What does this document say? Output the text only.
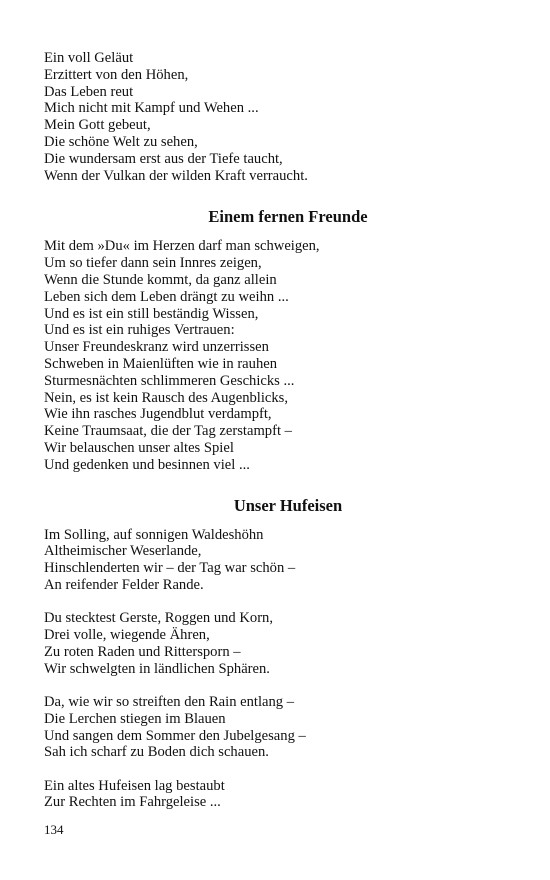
Ein voll Geläut
Erzittert von den Höhen,
Das Leben reut
Mich nicht mit Kampf und Wehen ...
Mein Gott gebeut,
Die schöne Welt zu sehen,
Die wundersam erst aus der Tiefe taucht,
Wenn der Vulkan der wilden Kraft verraucht.
Einem fernen Freunde
Mit dem »Du« im Herzen darf man schweigen,
Um so tiefer dann sein Innres zeigen,
Wenn die Stunde kommt, da ganz allein
Leben sich dem Leben drängt zu weihn ...
Und es ist ein still beständig Wissen,
Und es ist ein ruhiges Vertrauen:
Unser Freundeskranz wird unzerrissen
Schweben in Maienlüften wie in rauhen
Sturmesnächten schlimmeren Geschicks ...
Nein, es ist kein Rausch des Augenblicks,
Wie ihn rasches Jugendblut verdampft,
Keine Traumsaat, die der Tag zerstampft –
Wir belauschen unser altes Spiel
Und gedenken und besinnen viel ...
Unser Hufeisen
Im Solling, auf sonnigen Waldeshöhn
Altheimischer Weserlande,
Hinschlenderten wir – der Tag war schön –
An reifender Felder Rande.
Du stecktest Gerste, Roggen und Korn,
Drei volle, wiegende Ähren,
Zu roten Raden und Rittersporn –
Wir schwelgten in ländlichen Sphären.
Da, wie wir so streiften den Rain entlang –
Die Lerchen stiegen im Blauen
Und sangen dem Sommer den Jubelgesang –
Sah ich scharf zu Boden dich schauen.
Ein altes Hufeisen lag bestaubt
Zur Rechten im Fahrgeleise ...
134
